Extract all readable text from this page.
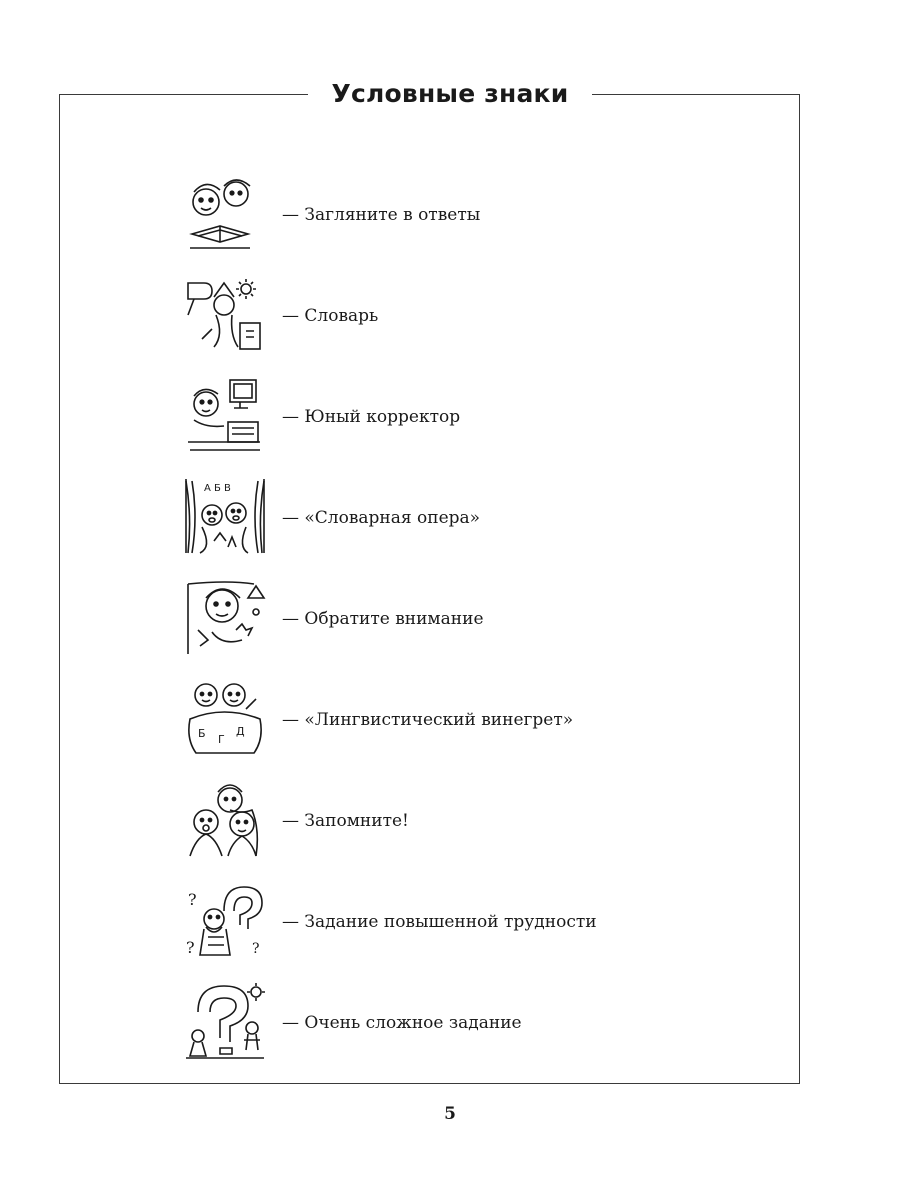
Условные знаки
— Загляните в ответы
— Словарь
— Юный корректор
А Б В
— «Словарная опера»
— Обратите внимание
Б Г
Д
— «Лингвистический винегрет»
— Запомните!
?
?	?
— Задание повышенной трудности
— Очень сложное задание
5
